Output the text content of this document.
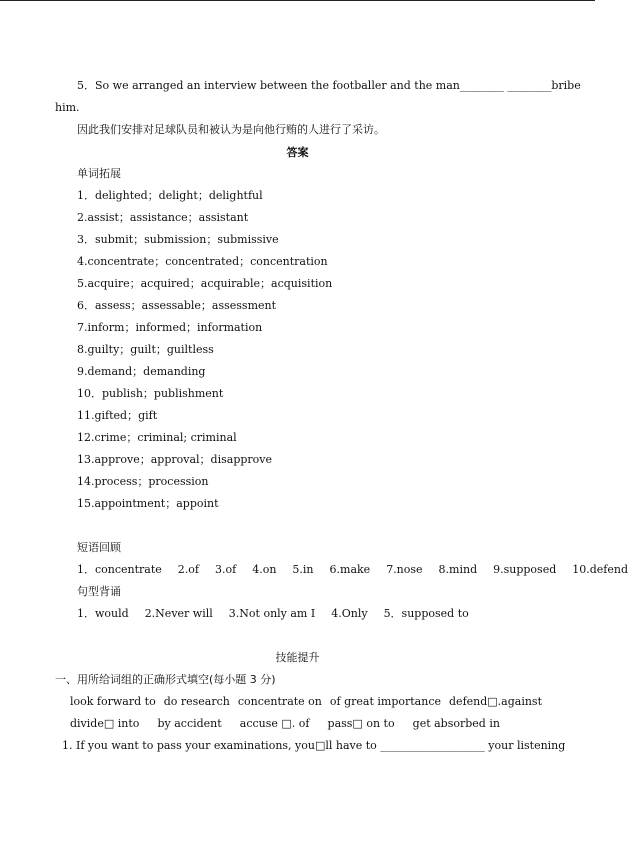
5．So we arranged an interview between the footballer and the man________ ________bribe
him.
因此我们安排对足球队员和被认为是向他行贿的人进行了采访。
答案
单词拓展
1．delighted；delight；delightful
2.assist；assistance；assistant
3．submit；submission；submissive
4.concentrate；concentrated；concentration
5.acquire；acquired；acquirable；acquisition
6．assess；assessable；assessment
7.inform；informed；information
8.guilty；guilt；guiltless
9.demand；demanding
10．publish；publishment
11.gifted；gift
12.crime；criminal; criminal
13.approve；approval；disapprove
14.process；procession
15.appointment；appoint
短语回顾
1．concentrate 2.of 3.of 4.on 5.in 6.make 7.nose 8.mind 9.supposed 10.defend
句型背诵
1．would 2.Never will 3.Not only am I 4.Only 5．supposed to
技能提升
一、用所给词组的正确形式填空(每小题 3 分)
look forward to do research concentrate on of great importance defend□.against
divide□ into by accident accuse □. of pass□ on to get absorbed in
1. If you want to pass your examinations, you□ll have to ___________________ your listening
